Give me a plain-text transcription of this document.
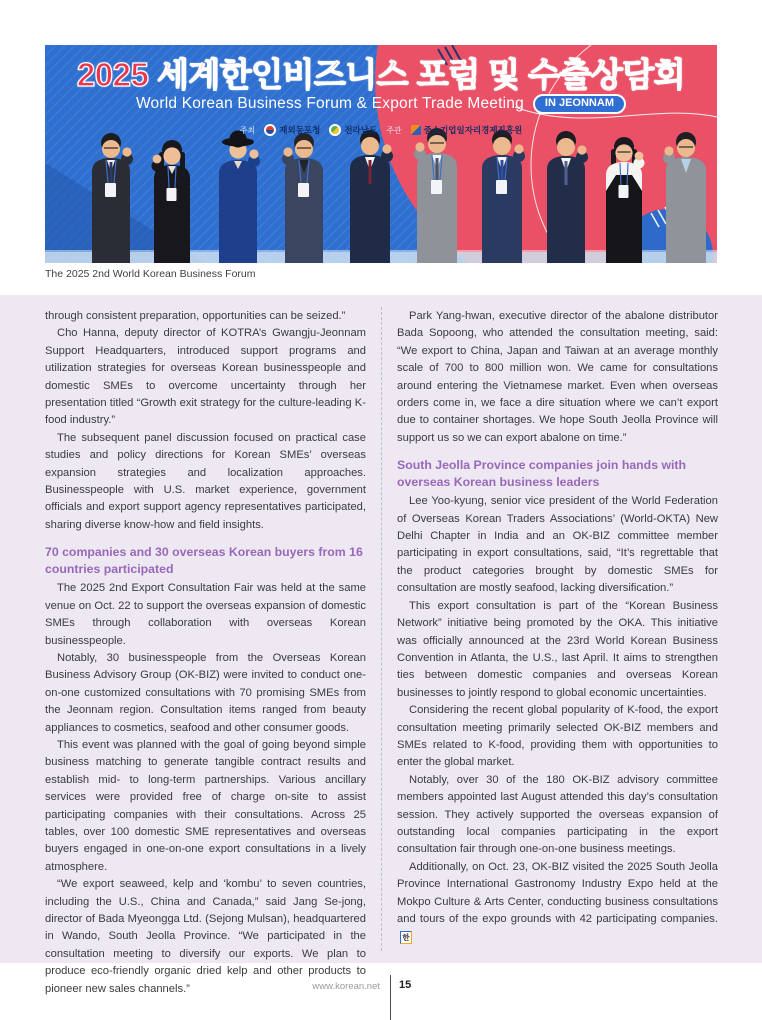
2025 세계한인비즈니스 포럼 및 수출상담회
World Korean Business Forum & Export Trade Meeting	IN JEONNAM
주최	재외동포청	전라남도 주관	중소기업일자리경제진흥원
The 2025 2nd World Korean Business Forum

through consistent preparation, opportunities can be seized.”

Cho Hanna, deputy director of KOTRA’s Gwangju-Jeonnam Support Headquarters, introduced support programs and utilization strategies for overseas Korean businesspeople and domestic SMEs to overcome uncertainty through her presentation titled “Growth exit strategy for the culture-leading K-food industry.”

The subsequent panel discussion focused on practical case studies and policy directions for Korean SMEs’ overseas expansion strategies and localization approaches. Businesspeople with U.S. market experience, government officials and export support agency representatives participated, sharing diverse know-how and field insights.

70 companies and 30 overseas Korean buyers from 16 countries participated

The 2025 2nd Export Consultation Fair was held at the same venue on Oct. 22 to support the overseas expansion of domestic SMEs through collaboration with overseas Korean businesspeople.

Notably, 30 businesspeople from the Overseas Korean Business Advisory Group (OK-BIZ) were invited to conduct one-on-one customized consultations with 70 promising SMEs from the Jeonnam region. Consultation items ranged from beauty appliances to cosmetics, seafood and other consumer goods.

This event was planned with the goal of going beyond simple business matching to generate tangible contract results and establish mid- to long-term partnerships. Various ancillary services were provided free of charge on-site to assist participating companies with their consultations. Across 25 tables, over 100 domestic SME representatives and overseas buyers engaged in one-on-one export consultations in a lively atmosphere.

“We export seaweed, kelp and ‘kombu’ to seven countries, including the U.S., China and Canada,” said Jang Se-jong, director of Bada Myeongga Ltd. (Sejong Mulsan), headquartered in Wando, South Jeolla Province. “We participated in the consultation meeting to diversify our exports. We plan to produce eco-friendly organic dried kelp and other products to pioneer new sales channels.”

Park Yang-hwan, executive director of the abalone distributor Bada Sopoong, who attended the consultation meeting, said: “We export to China, Japan and Taiwan at an average monthly scale of 700 to 800 million won. We came for consultations around entering the Vietnamese market. Even when overseas orders come in, we face a dire situation where we can’t export due to container shortages. We hope South Jeolla Province will support us so we can export abalone on time.”

South Jeolla Province companies join hands with overseas Korean business leaders

Lee Yoo-kyung, senior vice president of the World Federation of Overseas Korean Traders Associations’ (World-OKTA) New Delhi Chapter in India and an OK-BIZ committee member participating in export consultations, said, “It’s regrettable that the product categories brought by domestic SMEs for consultation are mostly seafood, lacking diversification.”

This export consultation is part of the “Korean Business Network” initiative being promoted by the OKA. This initiative was officially announced at the 23rd World Korean Business Convention in Atlanta, the U.S., last April. It aims to strengthen ties between domestic companies and overseas Korean businesses to jointly respond to global economic uncertainties.

Considering the recent global popularity of K-food, the export consultation meeting primarily selected OK-BIZ members and SMEs related to K-food, providing them with opportunities to enter the global market.

Notably, over 30 of the 180 OK-BIZ advisory committee members appointed last August attended this day’s consultation session. They actively supported the overseas expansion of outstanding local companies participating in the export consultation fair through one-on-one business meetings.

Additionally, on Oct. 23, OK-BIZ visited the 2025 South Jeolla Province International Gastronomy Industry Expo held at the Mokpo Culture & Arts Center, conducting business consultations and tours of the expo grounds with 42 participating companies.한

www.korean.net 15
